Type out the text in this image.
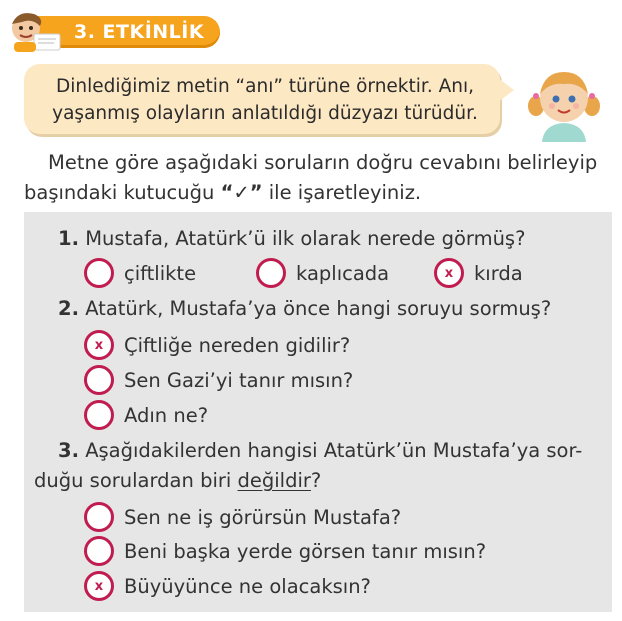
3. ETKİNLİK

Dinlediğimiz metin “anı” türüne örnektir. Anı,
yaşanmış olayların anlatıldığı düzyazı türüdür.

Metne göre aşağıdaki soruların doğru cevabını belirleyip
başındaki kutucuğu “✓” ile işaretleyiniz.
1. Mustafa, Atatürk’ü ilk olarak nerede görmüş?
çiftlikte	kaplıcada	x kırda
2. Atatürk, Mustafa’ya önce hangi soruyu sormuş?
x Çiftliğe nereden gidilir?
Sen Gazi’yi tanır mısın?
Adın ne?
3. Aşağıdakilerden hangisi Atatürk’ün Mustafa’ya sor-
duğu sorulardan biri değildir?
Sen ne iş görürsün Mustafa?
Beni başka yerde görsen tanır mısın?
x Büyüyünce ne olacaksın?
